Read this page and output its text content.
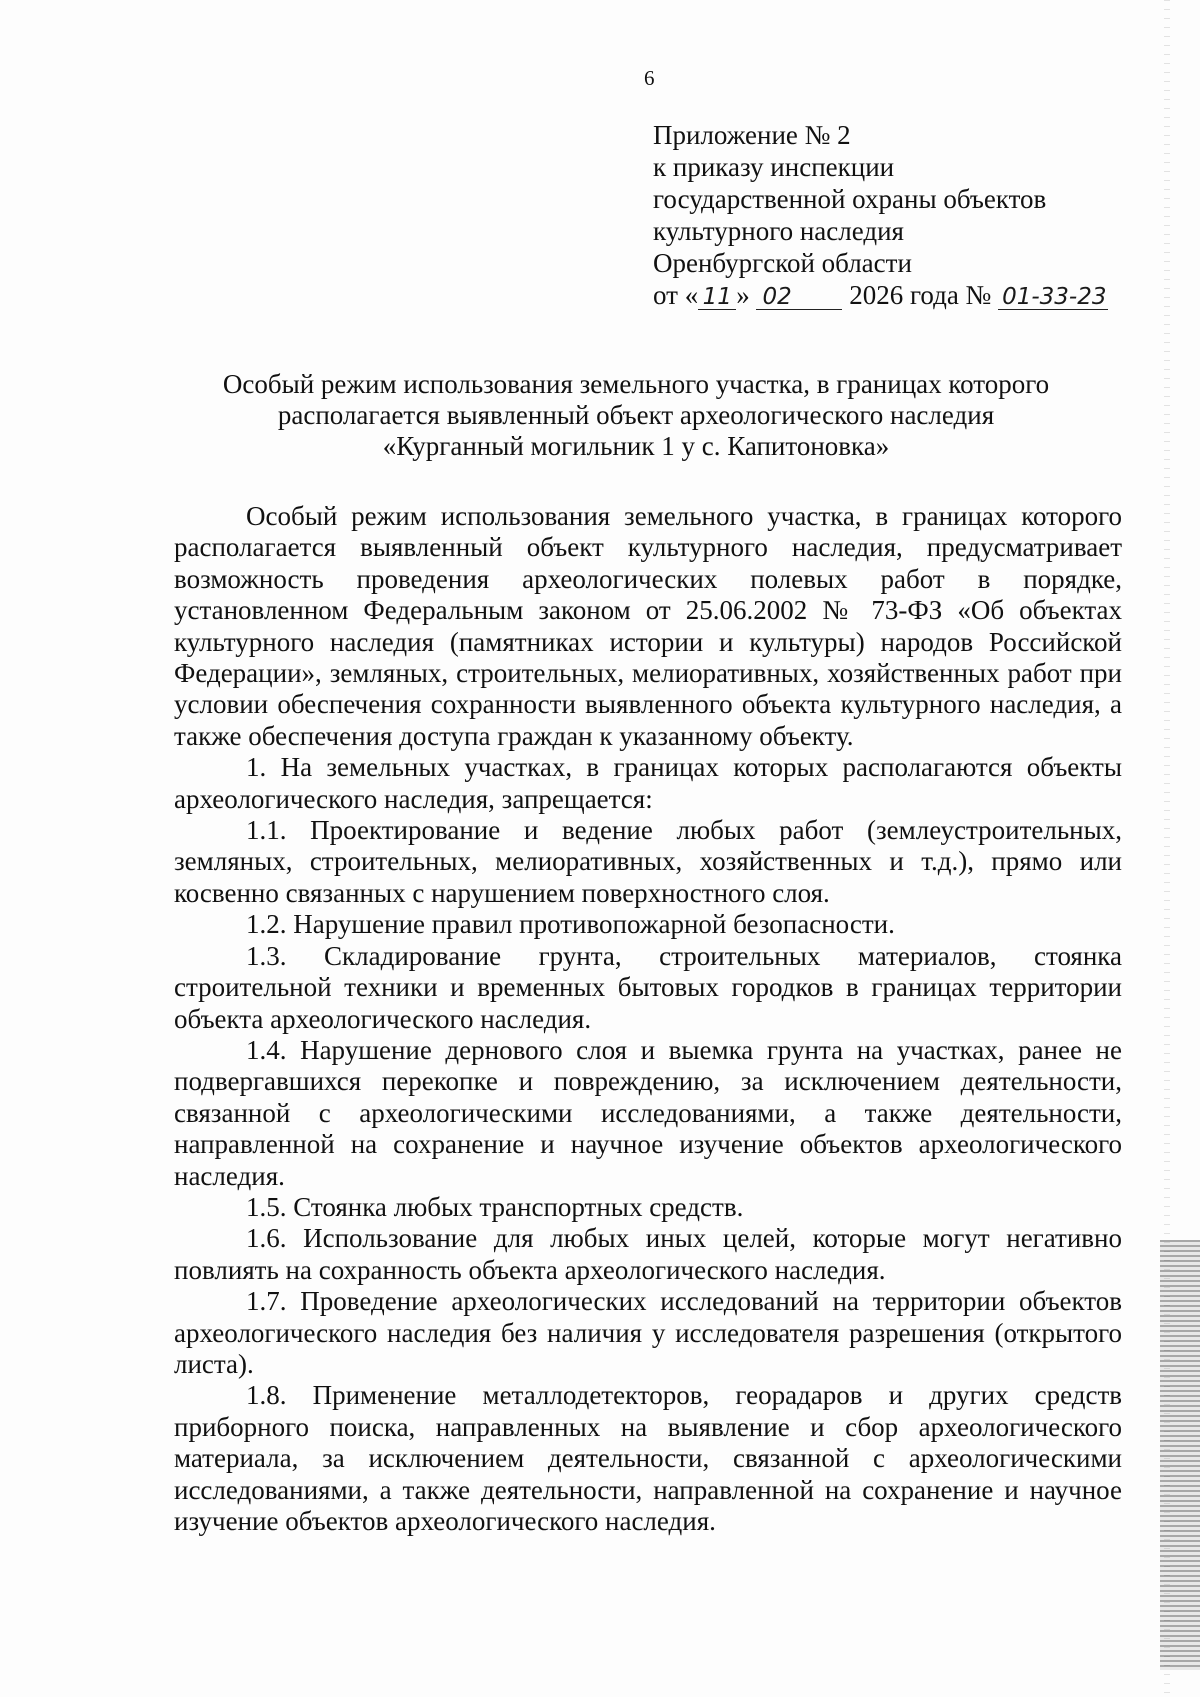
6
Приложение № 2
к приказу инспекции
государственной охраны объектов
культурного наследия
Оренбургской области
от « 11 » 02 2026 года № 01-33-23
Особый режим использования земельного участка, в границах которого
располагается выявленный объект археологического наследия
«Курганный могильник 1 у с. Капитоновка»

Особый режим использования земельного участка, в границах которого располагается выявленный объект культурного наследия, предусматривает возможность проведения археологических полевых работ в порядке, установленном Федеральным законом от 25.06.2002 № 73-ФЗ «Об объектах культурного наследия (памятниках истории и культуры) народов Российской Федерации», земляных, строительных, мелиоративных, хозяйственных работ при условии обеспечения сохранности выявленного объекта культурного наследия, а также обеспечения доступа граждан к указанному объекту.

1. На земельных участках, в границах которых располагаются объекты археологического наследия, запрещается:

1.1. Проектирование и ведение любых работ (землеустроительных, земляных, строительных, мелиоративных, хозяйственных и т.д.), прямо или косвенно связанных с нарушением поверхностного слоя.

1.2. Нарушение правил противопожарной безопасности.

1.3. Складирование грунта, строительных материалов, стоянка строительной техники и временных бытовых городков в границах территории объекта археологического наследия.

1.4. Нарушение дернового слоя и выемка грунта на участках, ранее не подвергавшихся перекопке и повреждению, за исключением деятельности, связанной с археологическими исследованиями, а также деятельности, направленной на сохранение и научное изучение объектов археологического наследия.

1.5. Стоянка любых транспортных средств.

1.6. Использование для любых иных целей, которые могут негативно повлиять на сохранность объекта археологического наследия.

1.7. Проведение археологических исследований на территории объектов археологического наследия без наличия у исследователя разрешения (открытого листа).

1.8. Применение металлодетекторов, георадаров и других средств приборного поиска, направленных на выявление и сбор археологического материала, за исключением деятельности, связанной с археологическими исследованиями, а также деятельности, направленной на сохранение и научное изучение объектов археологического наследия.
